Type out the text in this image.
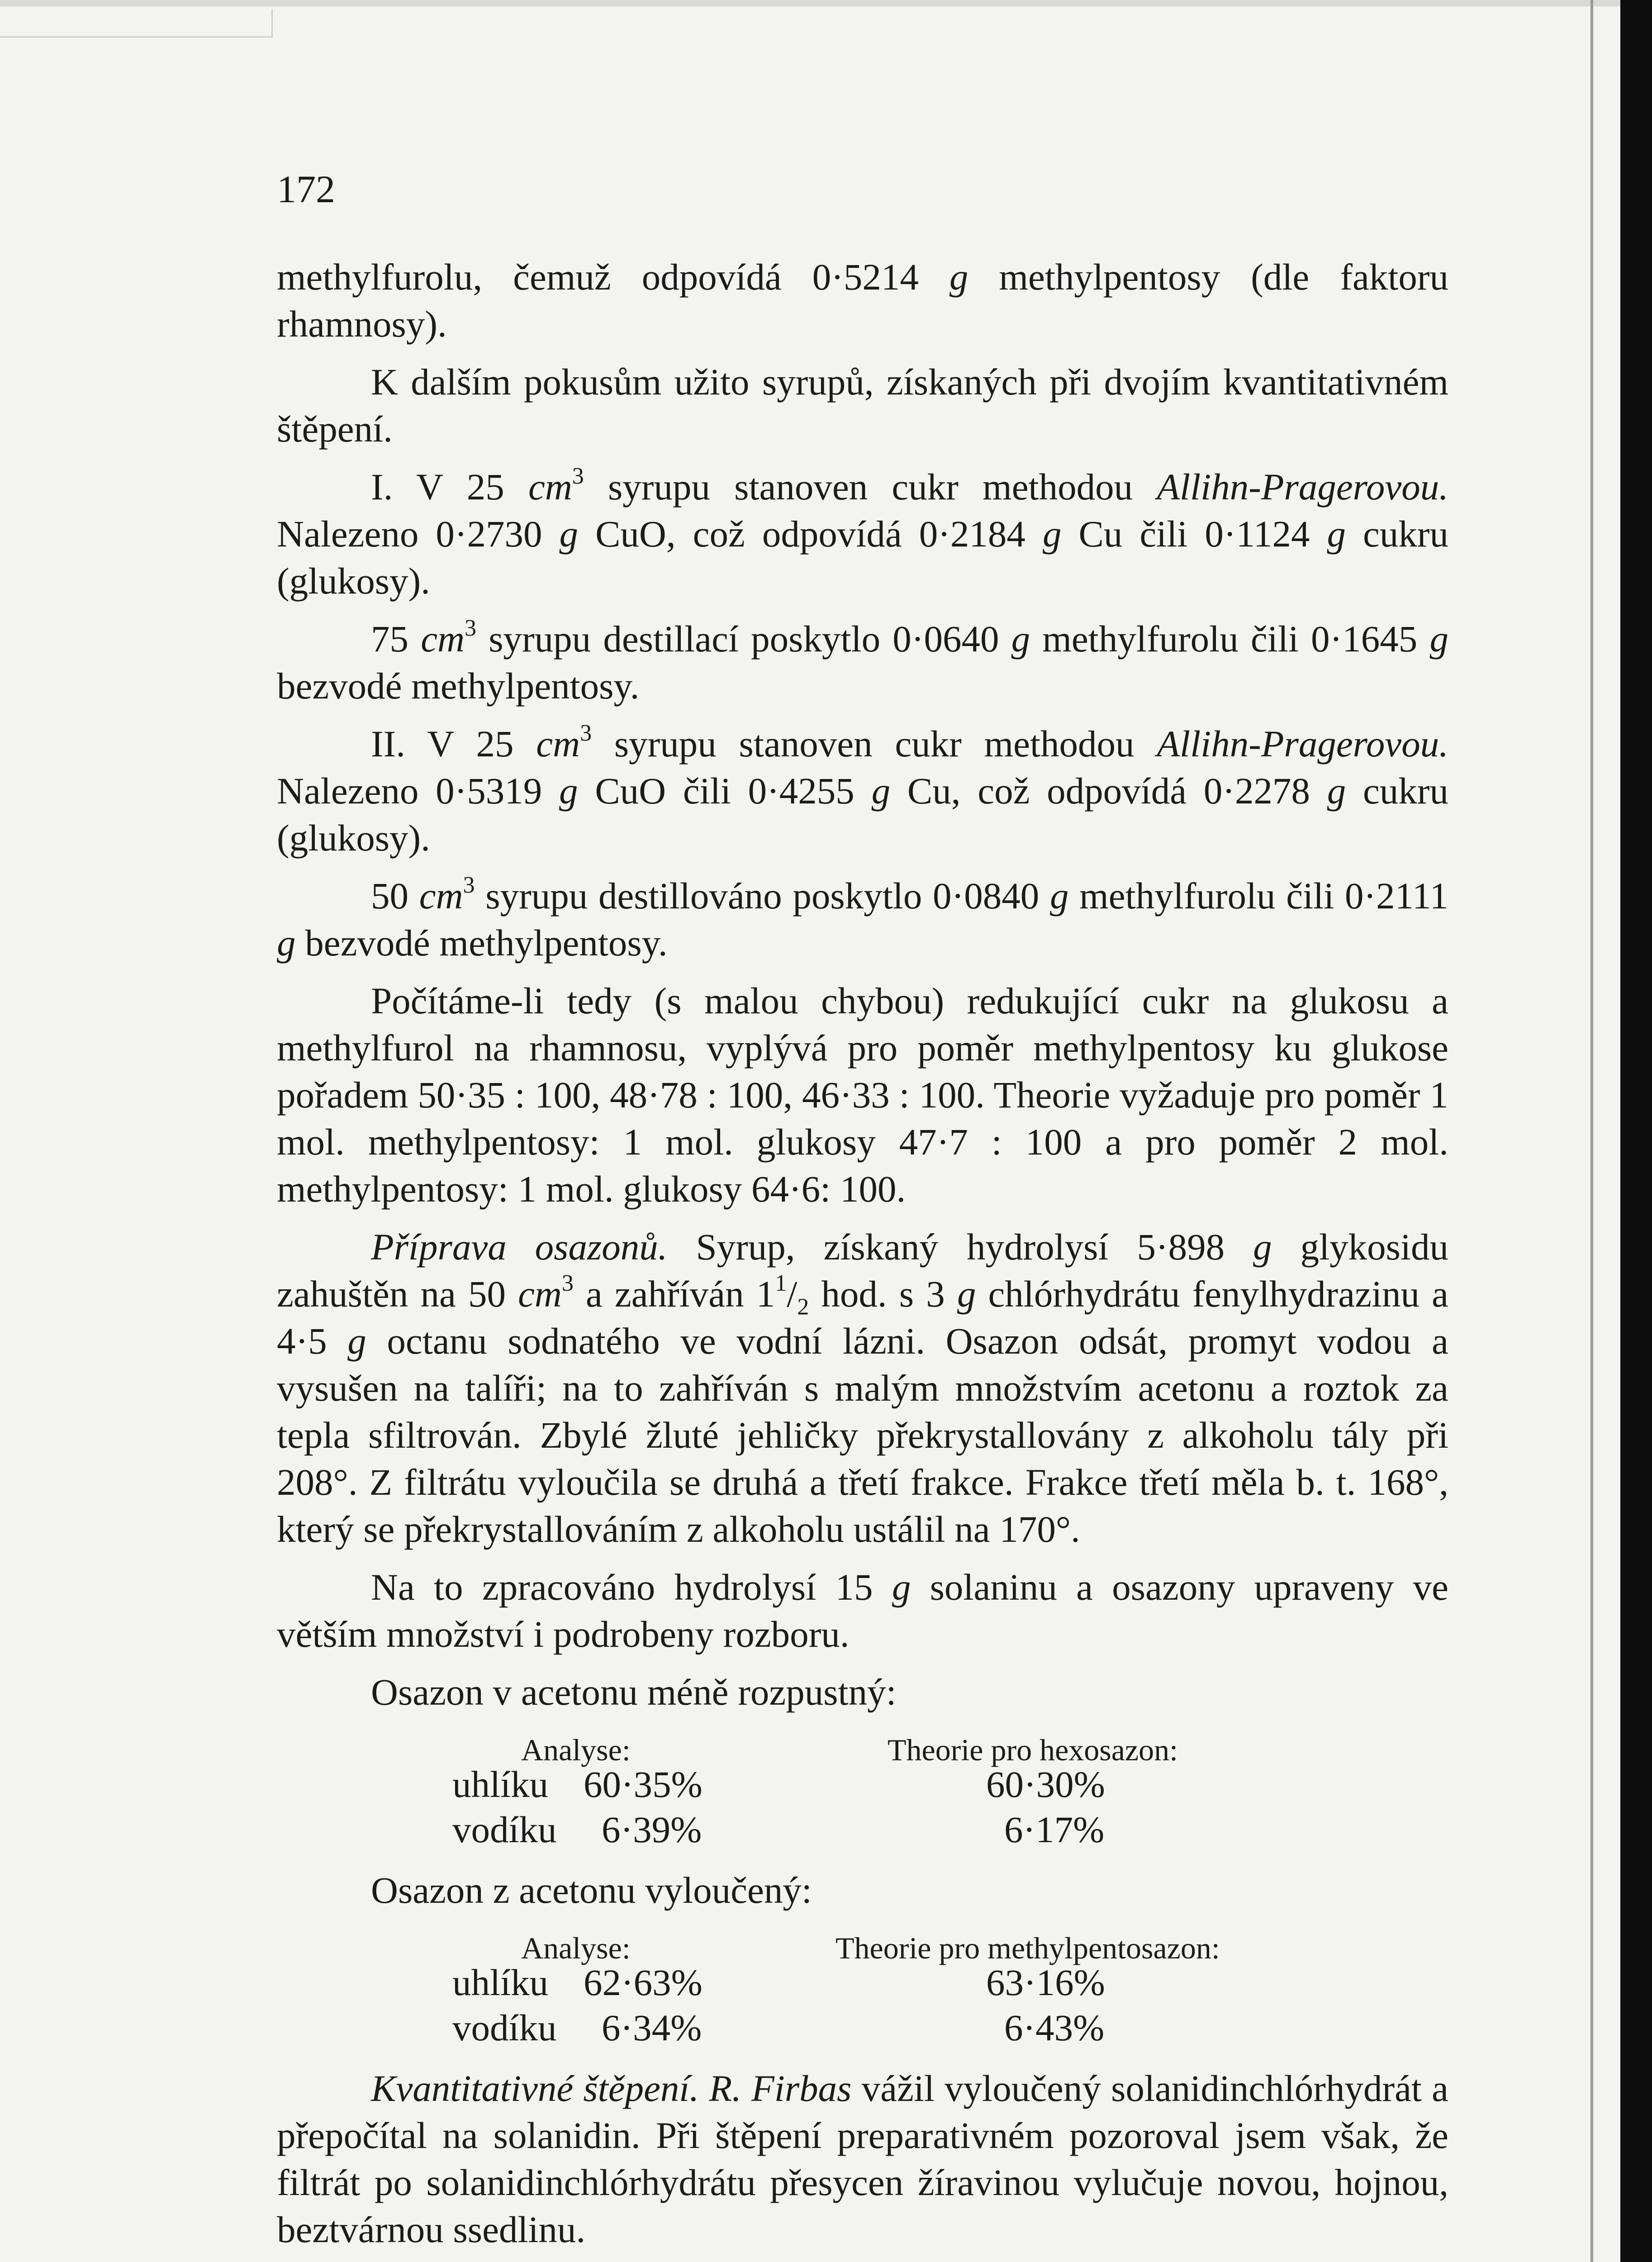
172

methylfurolu, čemuž odpovídá 0·5214 g methylpentosy (dle faktoru rhamnosy).

K dalším pokusům užito syrupů, získaných při dvojím kvantitativném štěpení.

I. V 25 $cm^3$ syrupu stanoven cukr methodou Allihn-Pragerovou. Nalezeno 0·2730 g CuO, což odpovídá 0·2184 g Cu čili 0·1124 g cukru (glukosy).

75 $cm^3$ syrupu destillací poskytlo 0·0640 g methylfurolu čili 0·1645 g bezvodé methylpentosy.

II. V 25 $cm^3$ syrupu stanoven cukr methodou Allihn-Pragerovou. Nalezeno 0·5319 g CuO čili 0·4255 g Cu, což odpovídá 0·2278 g cukru (glukosy).

50 $cm^3$ syrupu destillováno poskytlo 0·0840 g methylfurolu čili 0·2111 g bezvodé methylpentosy.

Počítáme-li tedy (s malou chybou) redukující cukr na glukosu a methylfurol na rhamnosu, vyplývá pro poměr methylpentosy ku glukose pořadem 50·35 : 100, 48·78 : 100, 46·33 : 100. Theorie vyžaduje pro poměr 1 mol. methylpentosy: 1 mol. glukosy 47·7 : 100 a pro poměr 2 mol. methylpentosy: 1 mol. glukosy 64·6: 100.

Příprava osazonů. Syrup, získaný hydrolysí 5·898 g glykosidu zahuštěn na 50 $cm^3$ a zahříván $1^1/_2$ hod. s 3 g chlórhydrátu fenylhydrazinu a 4·5 g octanu sodnatého ve vodní lázni. Osazon odsát, promyt vodou a vysušen na talíři; na to zahříván s malým množstvím acetonu a roztok za tepla sfiltrován. Zbylé žluté jehličky překrystallovány z alkoholu tály při 208°. Z filtrátu vyloučila se druhá a třetí frakce. Frakce třetí měla b. t. 168°, který se překrystallováním z alkoholu ustálil na 170°.

Na to zpracováno hydrolysí 15 g solaninu a osazony upraveny ve větším množství i podrobeny rozboru.

Osazon v acetonu méně rozpustný:

Analyse:	Theorie pro hexosazon:
uhlíku 60·35%	60·30%
vodíku 6·39%	6·17%

Osazon z acetonu vyloučený:

Analyse:	Theorie pro methylpentosazon:
uhlíku 62·63%	63·16%
vodíku 6·34%	6·43%

Kvantitativné štěpení. R. Firbas vážil vyloučený solanidinchlórhydrát a přepočítal na solanidin. Při štěpení preparativném pozoroval jsem však, že filtrát po solanidinchlórhydrátu přesycen žíravinou vylučuje novou, hojnou, beztvárnou ssedlinu.
